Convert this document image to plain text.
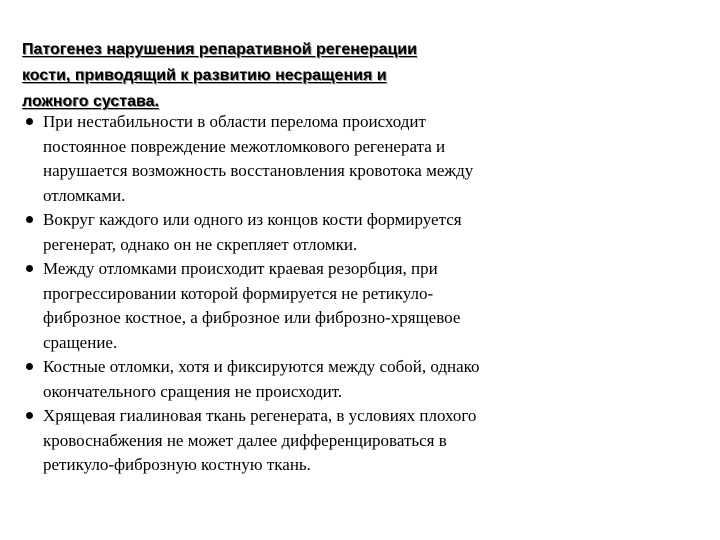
Патогенез нарушения репаративной регенерации
кости, приводящий к развитию несращения и
ложного сустава.
При нестабильности в области перелома происходит
постоянное повреждение межотломкового регенерата и
нарушается возможность восстановления кровотока между
отломками.
Вокруг каждого или одного из концов кости формируется
регенерат, однако он не скрепляет отломки.
Между отломками происходит краевая резорбция, при
прогрессировании которой формируется не ретикуло-
фиброзное костное, а фиброзное или фиброзно-хрящевое
сращение.
Костные отломки, хотя и фиксируются между собой, однако
окончательного сращения не происходит.
Хрящевая гиалиновая ткань регенерата, в условиях плохого
кровоснабжения не может далее дифференцироваться в
ретикуло-фиброзную костную ткань.
